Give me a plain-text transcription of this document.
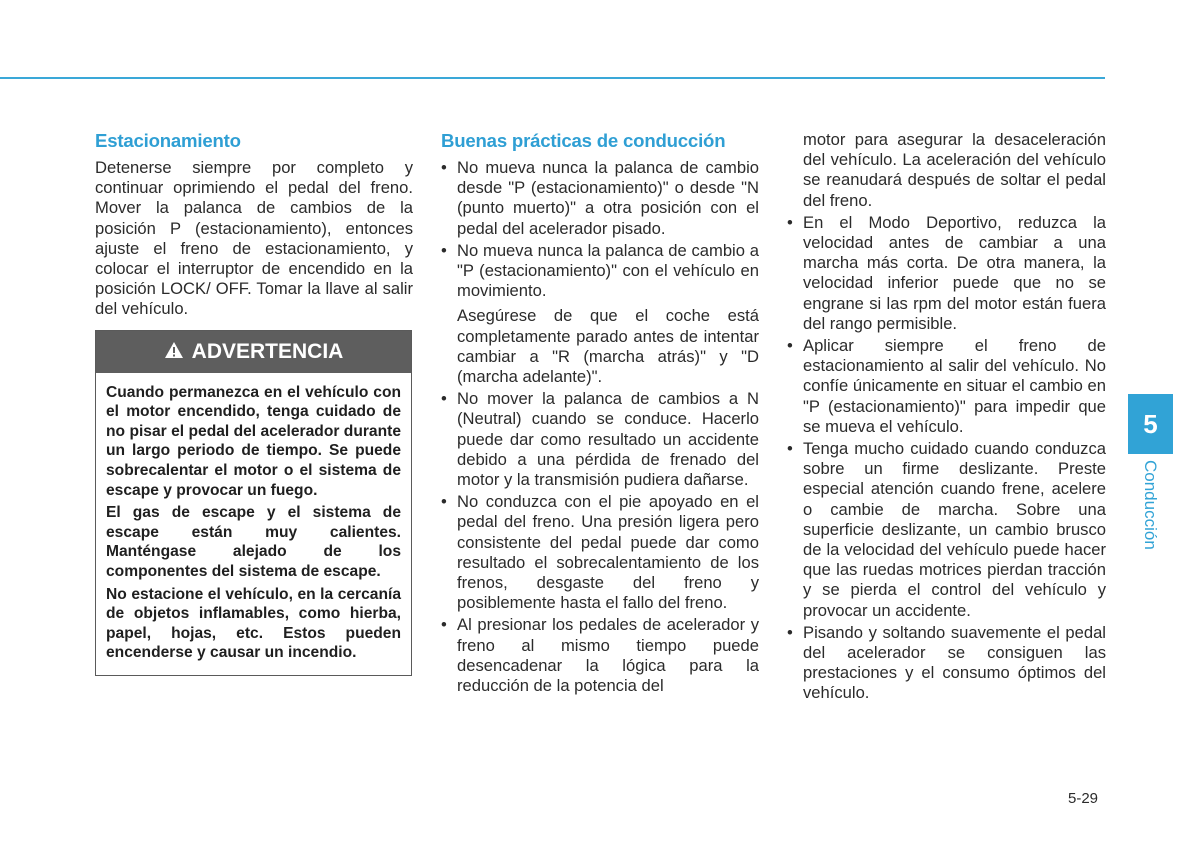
Estacionamiento

Detenerse siempre por completo y continuar oprimiendo el pedal del freno. Mover la palanca de cambios de la posición P (estacionamiento), entonces ajuste el freno de estacionamiento, y colocar el interruptor de encendido en la posición LOCK/ OFF. Tomar la llave al salir del vehículo.

ADVERTENCIA

Cuando permanezca en el vehículo con el motor encendido, tenga cuidado de no pisar el pedal del acelerador durante un largo periodo de tiempo. Se puede sobrecalentar el motor o el sistema de escape y provocar un fuego.

El gas de escape y el sistema de escape están muy calientes. Manténgase alejado de los componentes del sistema de escape.

No estacione el vehículo, en la cercanía de objetos inflamables, como hierba, papel, hojas, etc. Estos pueden encenderse y causar un incendio.

Buenas prácticas de conducción
• No mueva nunca la palanca de cambio desde "P (estacionamiento)" o desde "N (punto muerto)" a otra posición con el pedal del acelerador pisado.
• No mueva nunca la palanca de cambio a "P (estacionamiento)" con el vehículo en movimiento.
Asegúrese de que el coche está completamente parado antes de intentar cambiar a "R (marcha atrás)" y "D (marcha adelante)".
• No mover la palanca de cambios a N (Neutral) cuando se conduce. Hacerlo puede dar como resultado un accidente debido a una pérdida de frenado del motor y la transmisión pudiera dañarse.
• No conduzca con el pie apoyado en el pedal del freno. Una presión ligera pero consistente del pedal puede dar como resultado el sobrecalentamiento de los frenos, desgaste del freno y posiblemente hasta el fallo del freno.
• Al presionar los pedales de acelerador y freno al mismo tiempo puede desencadenar la lógica para la reducción de la potencia del

motor para asegurar la desaceleración del vehículo. La aceleración del vehículo se reanudará después de soltar el pedal del freno.

• En el Modo Deportivo, reduzca la velocidad antes de cambiar a una marcha más corta. De otra manera, la velocidad inferior puede que no se engrane si las rpm del motor están fuera del rango permisible.
• Aplicar siempre el freno de estacionamiento al salir del vehículo. No confíe únicamente en situar el cambio en "P (estacionamiento)" para impedir que se mueva el vehículo.
• Tenga mucho cuidado cuando conduzca sobre un firme deslizante. Preste especial atención cuando frene, acelere o cambie de marcha. Sobre una superficie deslizante, un cambio brusco de la velocidad del vehículo puede hacer que las ruedas motrices pierdan tracción y se pierda el control del vehículo y provocar un accidente.
• Pisando y soltando suavemente el pedal del acelerador se consiguen las prestaciones y el consumo óptimos del vehículo.
5
Conducción
5-29
